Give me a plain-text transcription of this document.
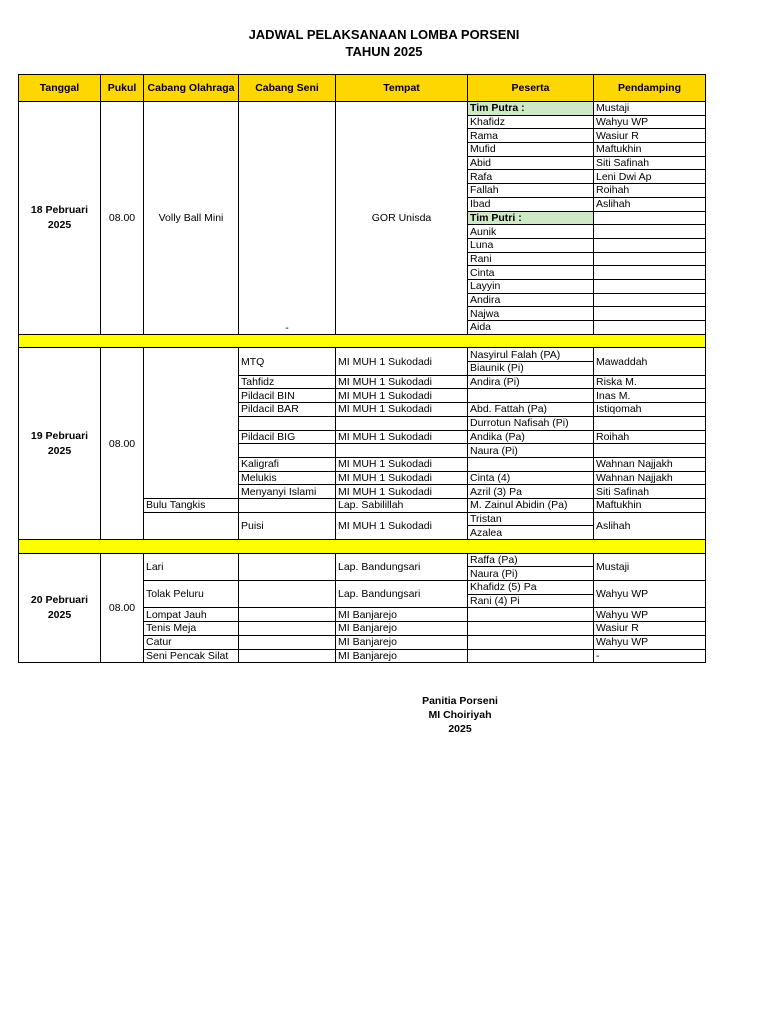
JADWAL PELAKSANAAN LOMBA PORSENI
TAHUN 2025
Tanggal	Pukul	Cabang Olahraga	Cabang Seni	Tempat	Peserta	Pendamping
18 Pebruari 2025	08.00	Volly Ball Mini	-	GOR Unisda	Tim Putra :	Mustaji
					Khafidz	Wahyu WP
					Rama	Wasiur R
					Mufid	Maftukhin
					Abid	Siti Safinah
					Rafa	Leni Dwi Ap
					Fallah	Roihah
					Ibad	Aslihah
					Tim Putri :	
					Aunik	
					Luna	
					Rani	
					Cinta	
					Layyin	
					Andira	
					Najwa	
					Aida	

19 Pebruari 2025	08.00		MTQ	MI MUH 1 Sukodadi	Nasyirul Falah (PA)	Mawaddah
					Biaunik (Pi)	
			Tahfidz	MI MUH 1 Sukodadi	Andira (Pi)	Riska M.
			Pildacil BIN	MI MUH 1 Sukodadi		Inas M.
			Pildacil BAR	MI MUH 1 Sukodadi	Abd. Fattah (Pa)	Istiqomah
					Durrotun Nafisah (Pi)	
			Pildacil BIG	MI MUH 1 Sukodadi	Andika (Pa)	Roihah
					Naura (Pi)	
			Kaligrafi	MI MUH 1 Sukodadi		Wahnan Najjakh
			Melukis	MI MUH 1 Sukodadi	Cinta (4)	Wahnan Najjakh
			Menyanyi Islami	MI MUH 1 Sukodadi	Azril (3) Pa	Siti Safinah
		Bulu Tangkis		Lap. Sabilillah	M. Zainul Abidin (Pa)	Maftukhin
			Puisi	MI MUH 1 Sukodadi	Tristan	Aslihah
					Azalea	

20 Pebruari 2025	08.00	Lari		Lap. Bandungsari	Raffa (Pa)	Mustaji
					Naura (Pi)	
		Tolak Peluru		Lap. Bandungsari	Khafidz (5) Pa	Wahyu WP
					Rani (4) Pi	
		Lompat Jauh		MI Banjarejo		Wahyu WP
		Tenis Meja		MI Banjarejo		Wasiur R
		Catur		MI Banjarejo		Wahyu WP
		Seni Pencak Silat		MI Banjarejo		-

Panitia Porseni
MI Choiriyah
2025
